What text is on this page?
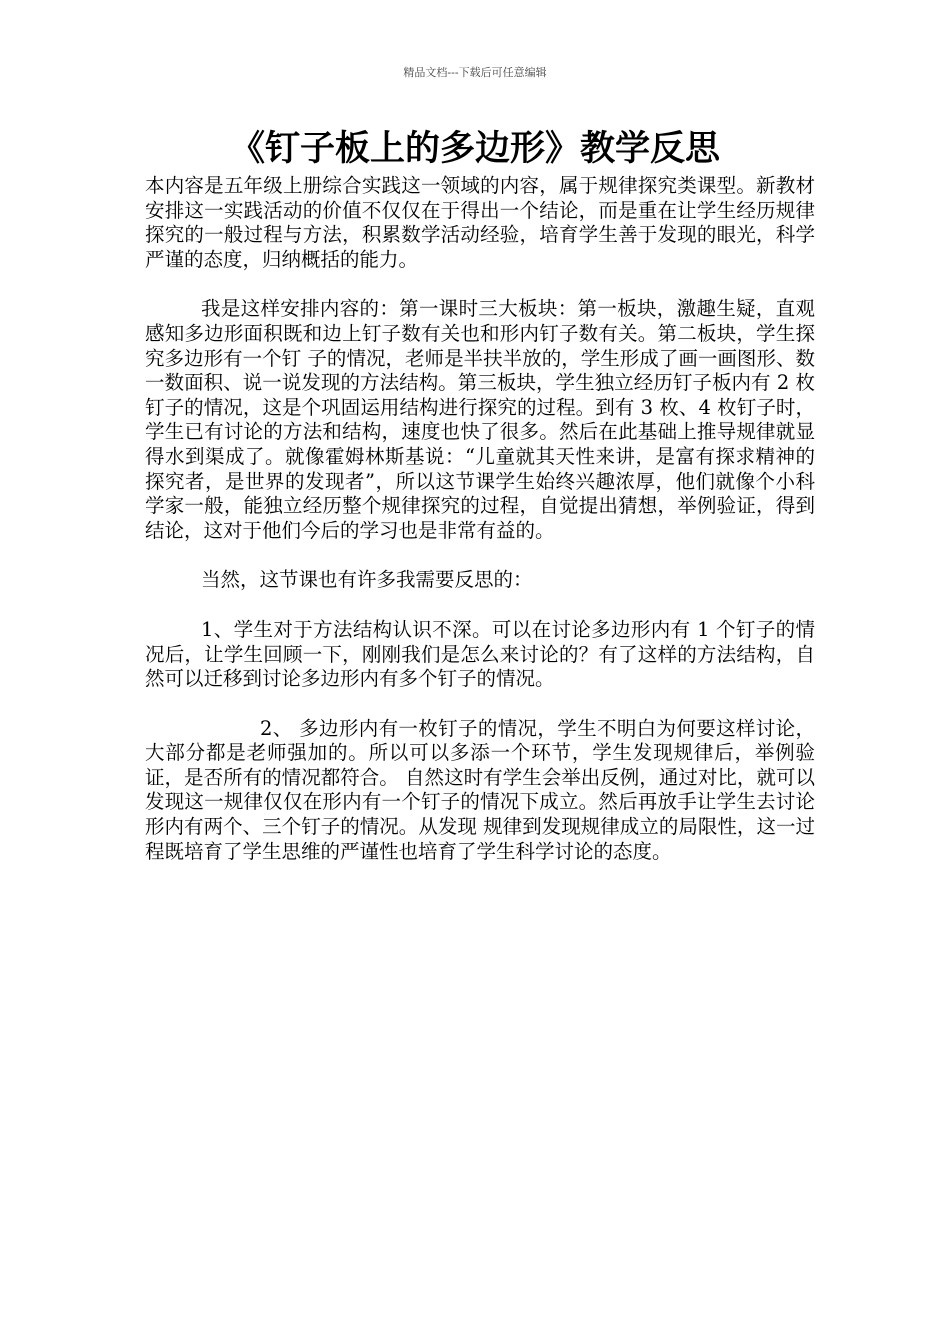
精品文档---下载后可任意编辑
《钉子板上的多边形》教学反思

本内容是五年级上册综合实践这一领域的内容，属于规律探究类课型。新教材安排这一实践活动的价值不仅仅在于得出一个结论，而是重在让学生经历规律探究的一般过程与方法，积累数学活动经验，培育学生善于发现的眼光，科学严谨的态度，归纳概括的能力。

我是这样安排内容的：第一课时三大板块：第一板块，激趣生疑，直观感知多边形面积既和边上钉子数有关也和形内钉子数有关。第二板块，学生探究多边形有一个钉 子的情况，老师是半扶半放的，学生形成了画一画图形、数一数面积、说一说发现的方法结构。第三板块，学生独立经历钉子板内有 2 枚钉子的情况，这是个巩固运用结构进行探究的过程。到有 3 枚、4 枚钉子时，学生已有讨论的方法和结构，速度也快了很多。然后在此基础上推导规律就显得水到渠成了。就像霍姆林斯基说：“儿童就其天性来讲，是富有探求精神的探究者，是世界的发现者”，所以这节课学生始终兴趣浓厚，他们就像个小科学家一般，能独立经历整个规律探究的过程，自觉提出猜想，举例验证，得到结论，这对于他们今后的学习也是非常有益的。

当然，这节课也有许多我需要反思的：

1、学生对于方法结构认识不深。可以在讨论多边形内有 1 个钉子的情况后，让学生回顾一下，刚刚我们是怎么来讨论的？有了这样的方法结构，自然可以迁移到讨论多边形内有多个钉子的情况。

2、 多边形内有一枚钉子的情况，学生不明白为何要这样讨论，大部分都是老师强加的。所以可以多添一个环节，学生发现规律后，举例验证，是否所有的情况都符合。 自然这时有学生会举出反例，通过对比，就可以发现这一规律仅仅在形内有一个钉子的情况下成立。然后再放手让学生去讨论形内有两个、三个钉子的情况。从发现 规律到发现规律成立的局限性，这一过程既培育了学生思维的严谨性也培育了学生科学讨论的态度。
